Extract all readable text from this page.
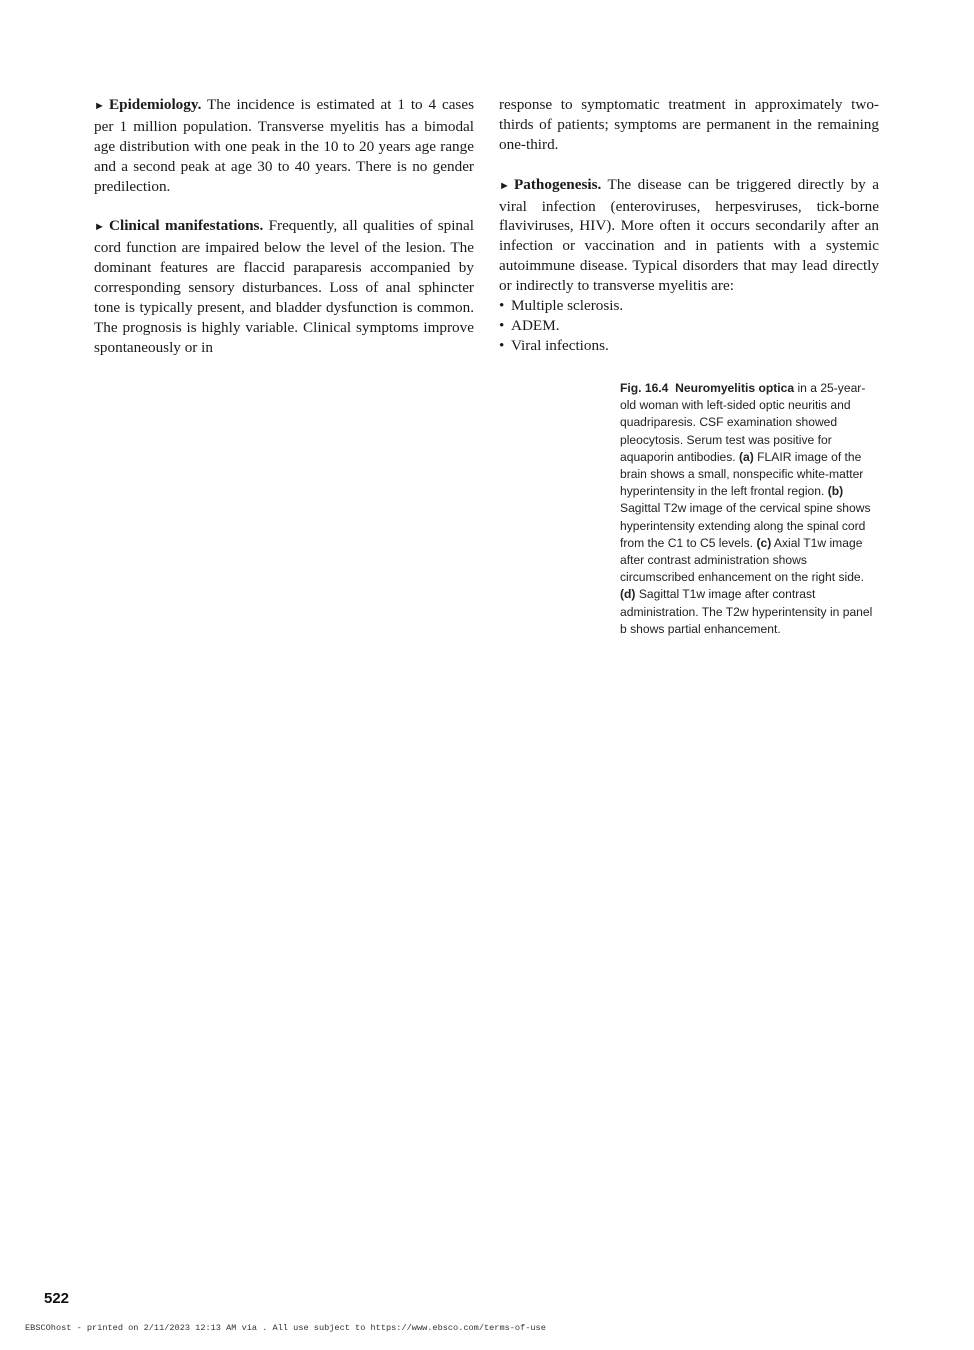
► Epidemiology. The incidence is estimated at 1 to 4 cases per 1 million population. Transverse myelitis has a bimodal age distribution with one peak in the 10 to 20 years age range and a second peak at age 30 to 40 years. There is no gender predilection.

► Clinical manifestations. Frequently, all qualities of spinal cord function are impaired below the level of the lesion. The dominant features are flaccid paraparesis accompanied by corresponding sensory disturbances. Loss of anal sphincter tone is typically present, and bladder dysfunction is common. The prognosis is highly variable. Clinical symptoms improve spontaneously or in

response to symptomatic treatment in approximately two-thirds of patients; symptoms are permanent in the remaining one-third.

► Pathogenesis. The disease can be triggered directly by a viral infection (enteroviruses, herpesviruses, tick-borne flaviviruses, HIV). More often it occurs secondarily after an infection or vaccination and in patients with a systemic autoimmune disease. Typical disorders that may lead directly or indirectly to transverse myelitis are:
• Multiple sclerosis.
• ADEM.
• Viral infections.
Fig. 16.4 Neuromyelitis optica in a 25-year-old woman with left-sided optic neuritis and quadriparesis. CSF examination showed pleocytosis. Serum test was positive for aquaporin antibodies. (a) FLAIR image of the brain shows a small, nonspecific white-matter hyperintensity in the left frontal region. (b) Sagittal T2w image of the cervical spine shows hyperintensity extending along the spinal cord from the C1 to C5 levels. (c) Axial T1w image after contrast administration shows circumscribed enhancement on the right side. (d) Sagittal T1w image after contrast administration. The T2w hyperintensity in panel b shows partial enhancement.
522
EBSCOhost - printed on 2/11/2023 12:13 AM via . All use subject to https://www.ebsco.com/terms-of-use
